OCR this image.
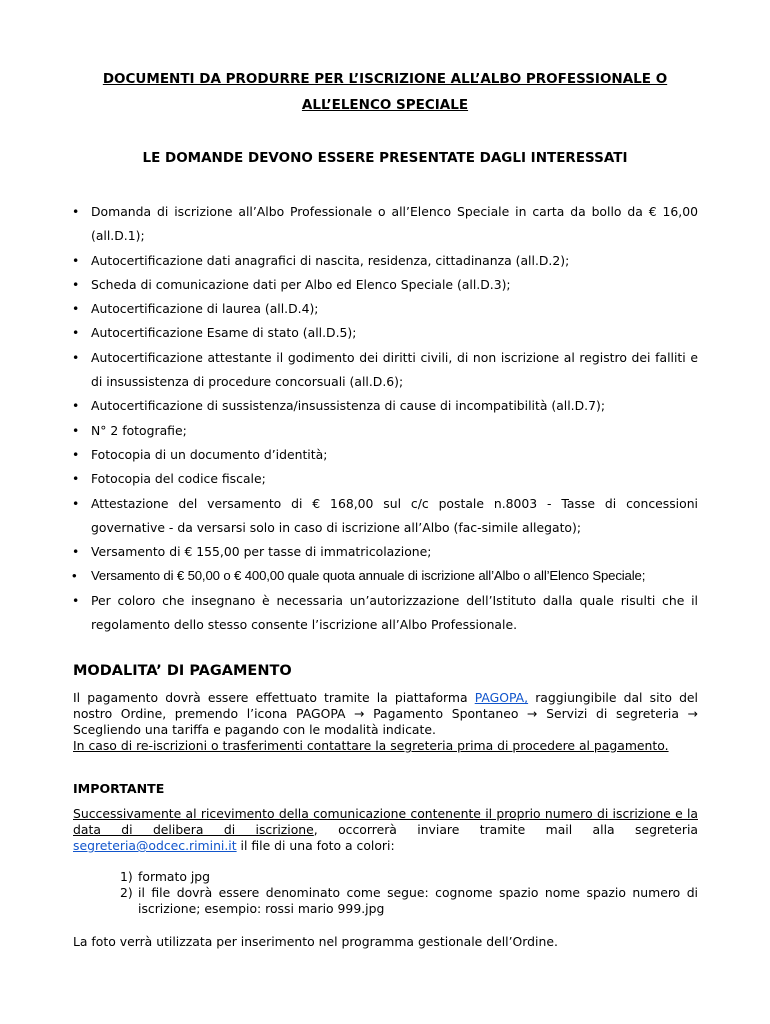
DOCUMENTI DA PRODURRE PER L’ISCRIZIONE ALL’ALBO PROFESSIONALE O
ALL’ELENCO SPECIALE
LE DOMANDE DEVONO ESSERE PRESENTATE DAGLI INTERESSATI
• Domanda di iscrizione all’Albo Professionale o all’Elenco Speciale in carta da bollo da € 16,00 (all.D.1);
• Autocertificazione dati anagrafici di nascita, residenza, cittadinanza (all.D.2);
• Scheda di comunicazione dati per Albo ed Elenco Speciale (all.D.3);
• Autocertificazione di laurea (all.D.4);
• Autocertificazione Esame di stato (all.D.5);
• Autocertificazione attestante il godimento dei diritti civili, di non iscrizione al registro dei falliti e di insussistenza di procedure concorsuali (all.D.6);
• Autocertificazione di sussistenza/insussistenza di cause di incompatibilità (all.D.7);
• N° 2 fotografie;
• Fotocopia di un documento d’identità;
• Fotocopia del codice fiscale;
• Attestazione del versamento di € 168,00 sul c/c postale n.8003 - Tasse di concessioni governative - da versarsi solo in caso di iscrizione all’Albo (fac-simile allegato);
• Versamento di € 155,00 per tasse di immatricolazione;
• Versamento di € 50,00 o € 400,00 quale quota annuale di iscrizione all’Albo o all’Elenco Speciale;
• Per coloro che insegnano è necessaria un’autorizzazione dell’Istituto dalla quale risulti che il regolamento dello stesso consente l’iscrizione all’Albo Professionale.
MODALITA’ DI PAGAMENTO
Il pagamento dovrà essere effettuato tramite la piattaforma PAGOPA, raggiungibile dal sito del nostro Ordine, premendo l’icona PAGOPA → Pagamento Spontaneo → Servizi di segreteria → Scegliendo una tariffa e pagando con le modalità indicate.
In caso di re-iscrizioni o trasferimenti contattare la segreteria prima di procedere al pagamento.
IMPORTANTE
Successivamente al ricevimento della comunicazione contenente il proprio numero di iscrizione e la data di delibera di iscrizione, occorrerà inviare tramite mail alla segreteria segreteria@odcec.rimini.it il file di una foto a colori:
1) formato jpg
2) il file dovrà essere denominato come segue: cognome spazio nome spazio numero di iscrizione; esempio: rossi mario 999.jpg
La foto verrà utilizzata per inserimento nel programma gestionale dell’Ordine.
